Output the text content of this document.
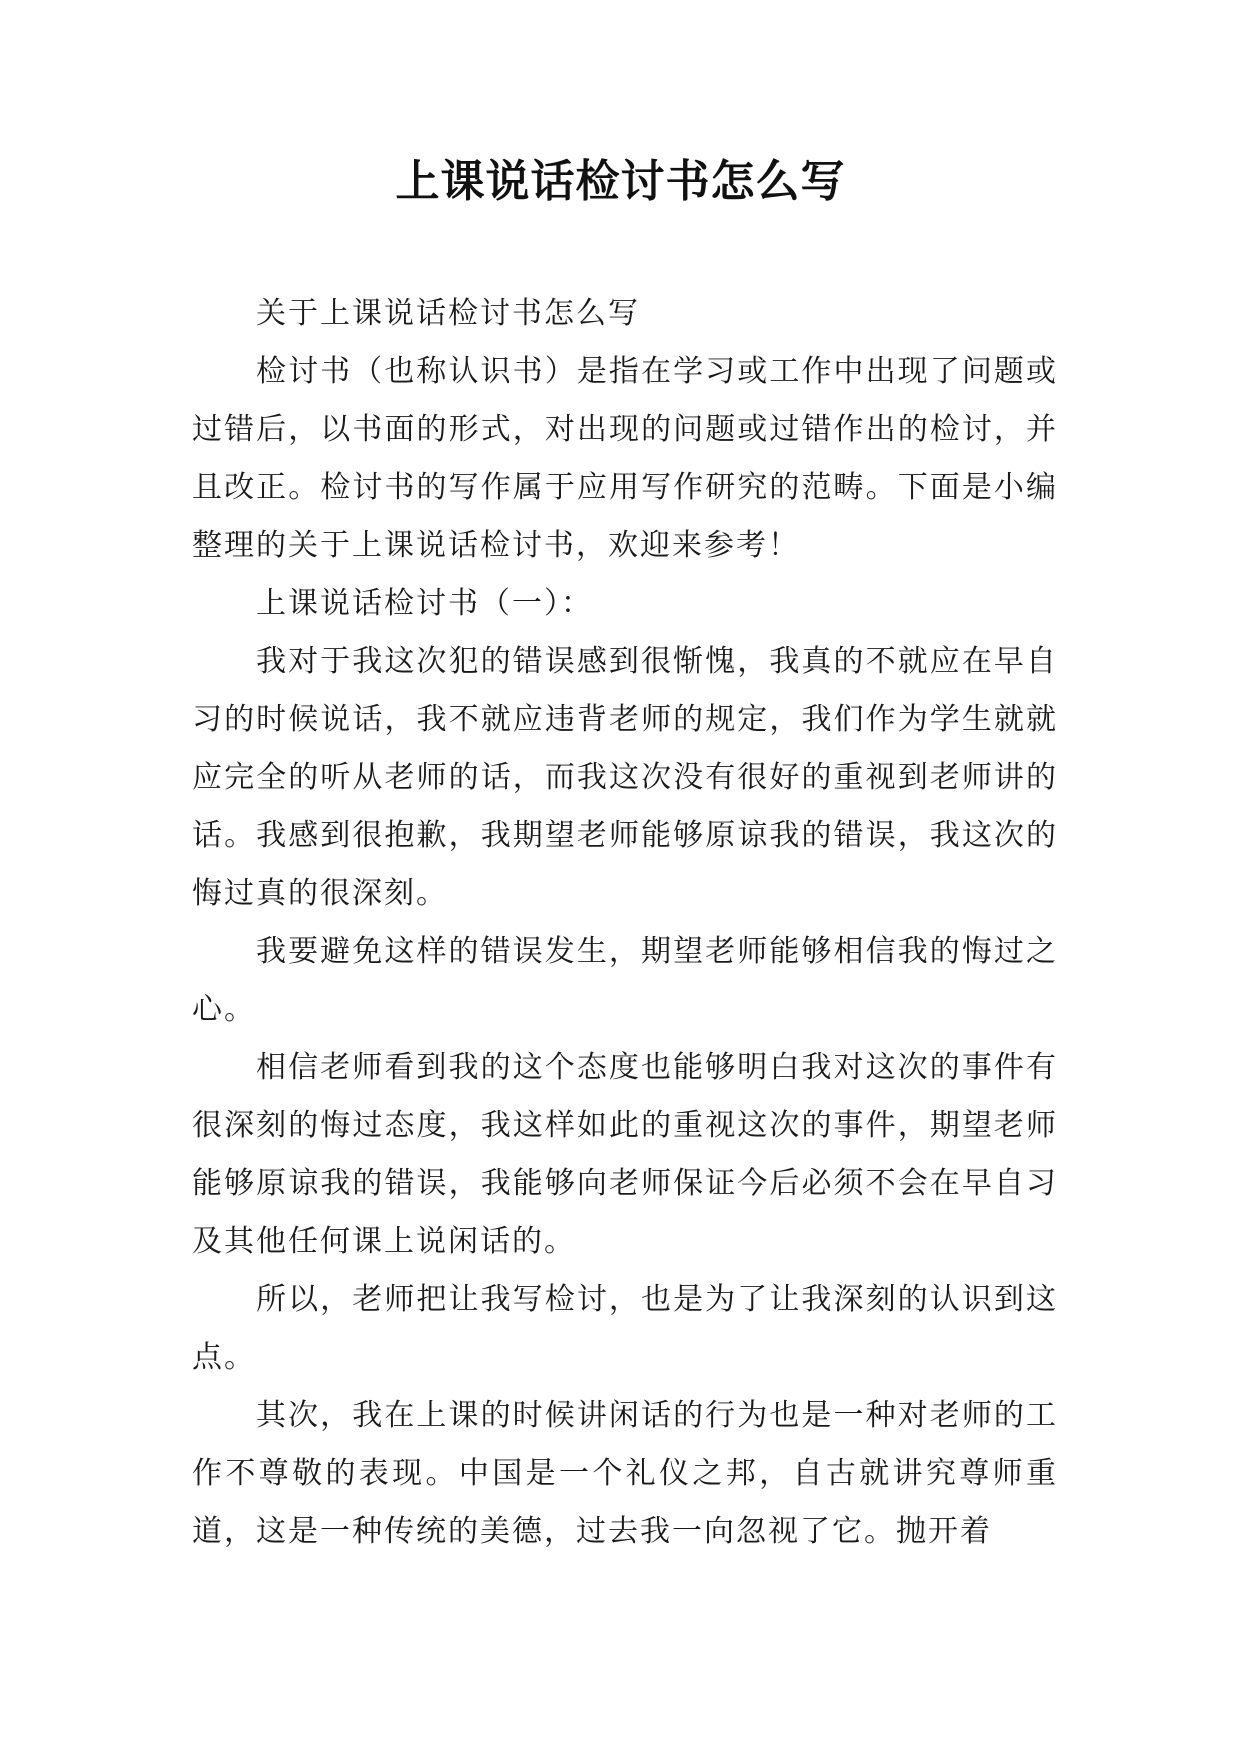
上课说话检讨书怎么写

关于上课说话检讨书怎么写

检讨书（也称认识书）是指在学习或工作中出现了问题或过错后，以书面的形式，对出现的问题或过错作出的检讨，并且改正。检讨书的写作属于应用写作研究的范畴。下面是小编整理的关于上课说话检讨书，欢迎来参考！

上课说话检讨书（一）：

我对于我这次犯的错误感到很惭愧，我真的不就应在早自习的时候说话，我不就应违背老师的规定，我们作为学生就就应完全的听从老师的话，而我这次没有很好的重视到老师讲的话。我感到很抱歉，我期望老师能够原谅我的错误，我这次的悔过真的很深刻。

我要避免这样的错误发生，期望老师能够相信我的悔过之心。

相信老师看到我的这个态度也能够明白我对这次的事件有很深刻的悔过态度，我这样如此的重视这次的事件，期望老师能够原谅我的错误，我能够向老师保证今后必须不会在早自习及其他任何课上说闲话的。

所以，老师把让我写检讨，也是为了让我深刻的认识到这点。

其次，我在上课的时候讲闲话的行为也是一种对老师的工作不尊敬的表现。中国是一个礼仪之邦，自古就讲究尊师重道，这是一种传统的美德，过去我一向忽视了它。抛开着
